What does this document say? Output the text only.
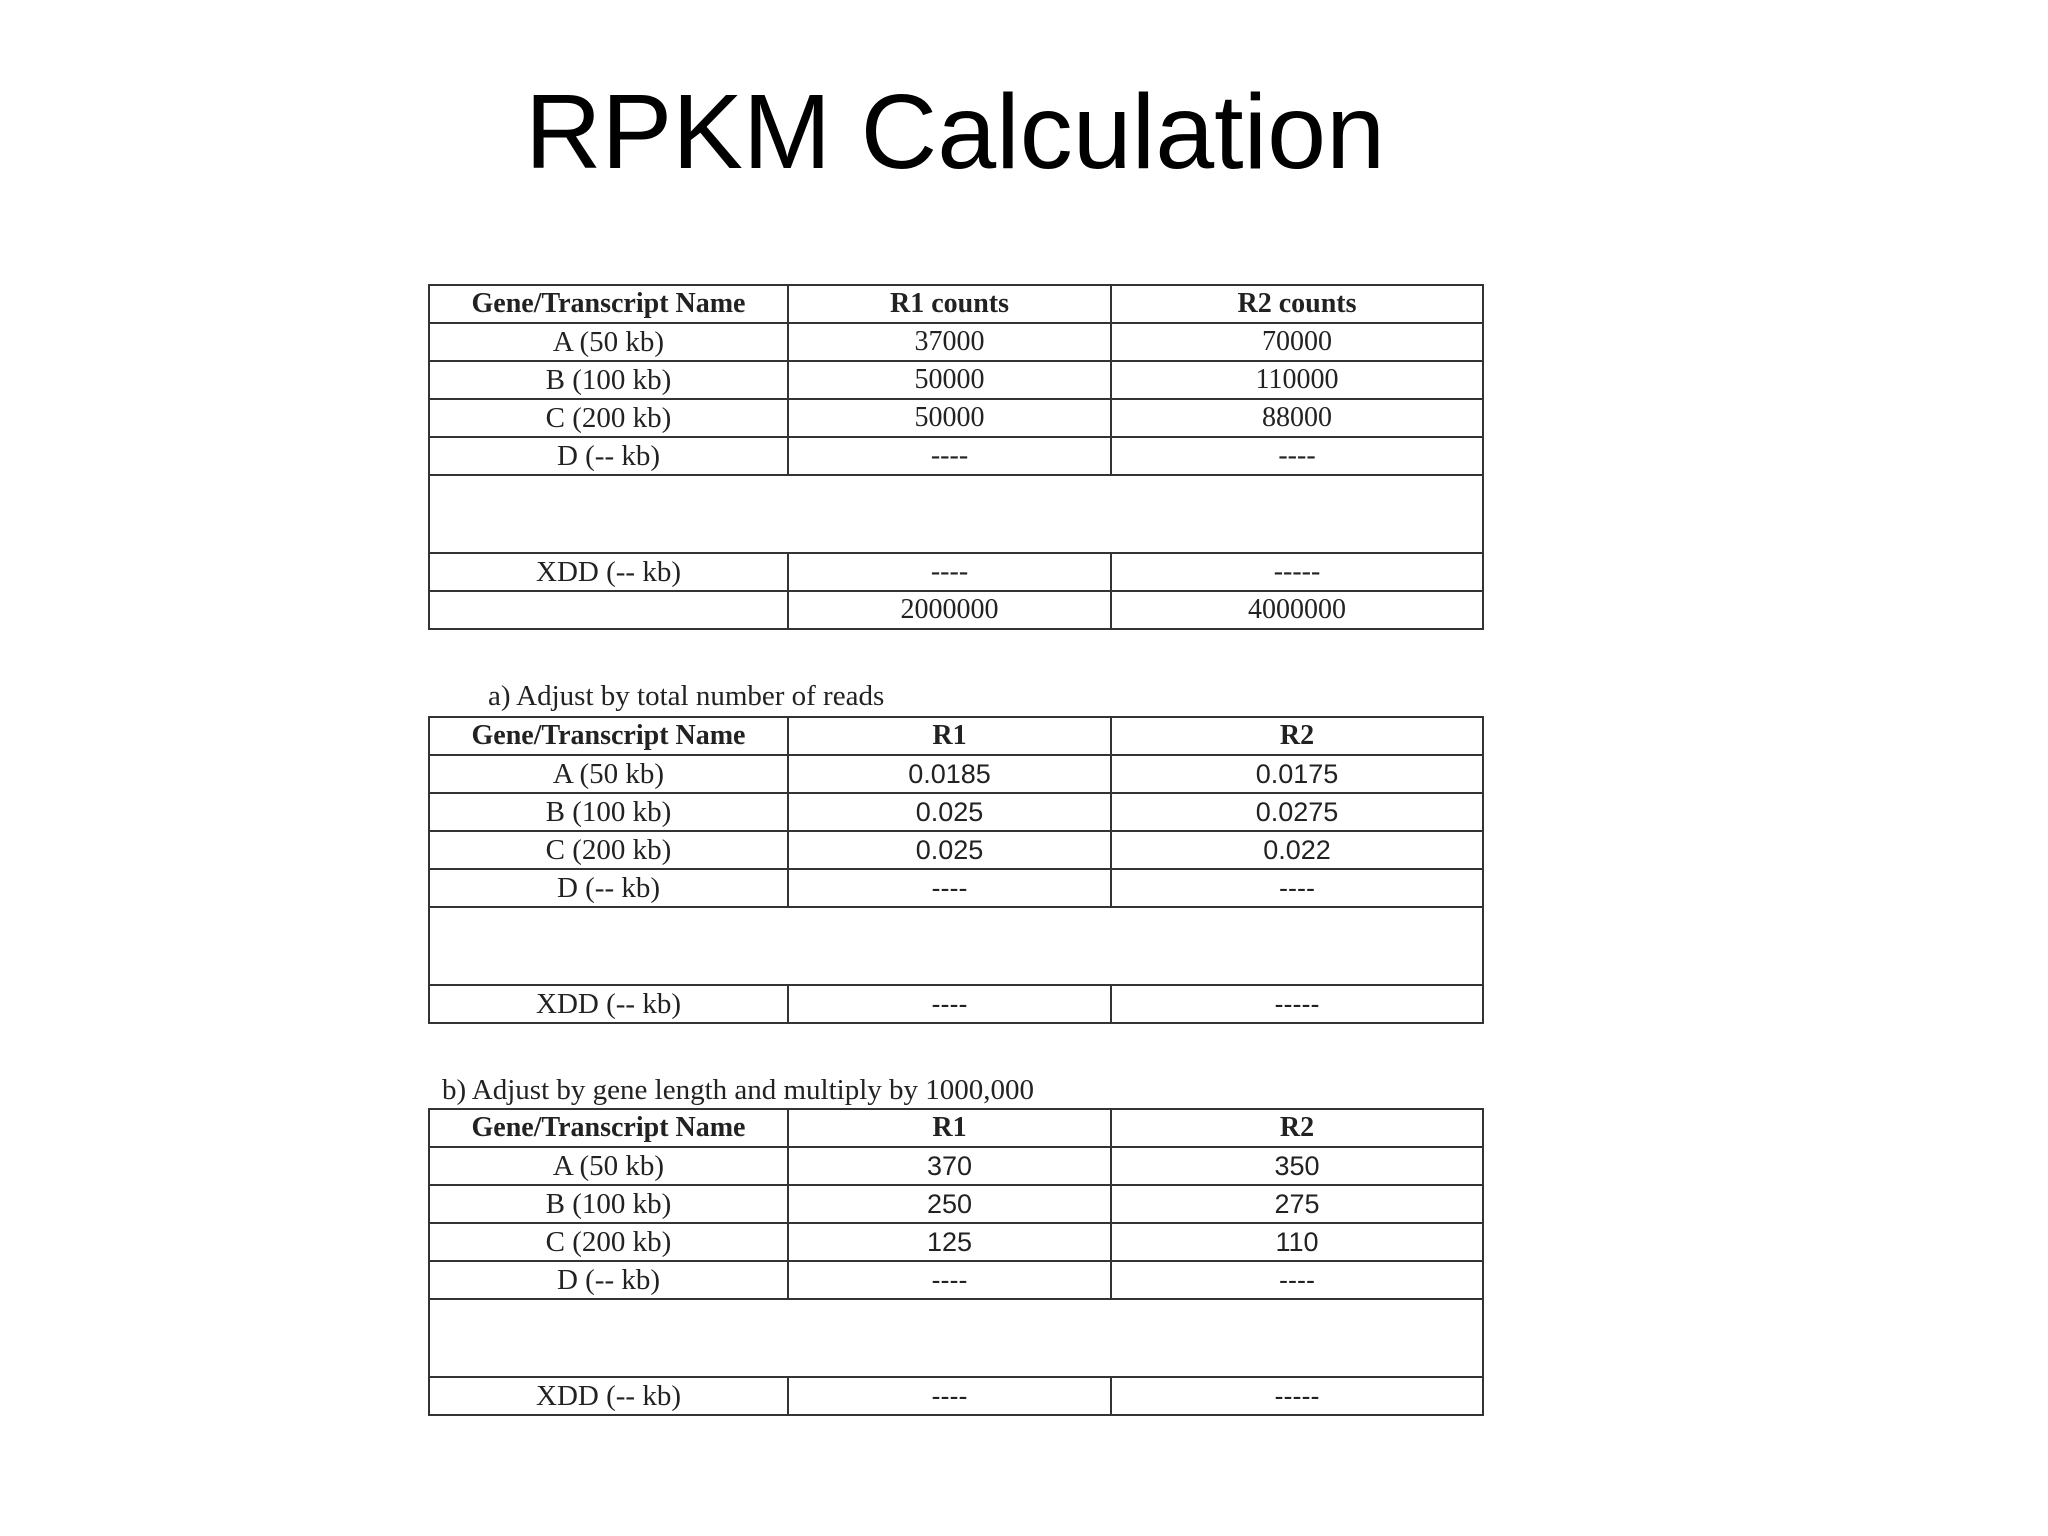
RPKM Calculation
Gene/Transcript Name	R1 counts	R2 counts
A (50 kb)	37000	70000
B (100 kb)	50000	110000
C (200 kb)	50000	88000
D (-- kb)	----	----

XDD (-- kb)	----	-----
	2000000	4000000
a) Adjust by total number of reads
Gene/Transcript Name	R1	R2
A (50 kb)	0.0185	0.0175
B (100 kb)	0.025	0.0275
C (200 kb)	0.025	0.022
D (-- kb)	----	----

XDD (-- kb)	----	-----
b) Adjust by gene length and multiply by 1000,000
Gene/Transcript Name	R1	R2
A (50 kb)	370	350
B (100 kb)	250	275
C (200 kb)	125	110
D (-- kb)	----	----

XDD (-- kb)	----	-----
